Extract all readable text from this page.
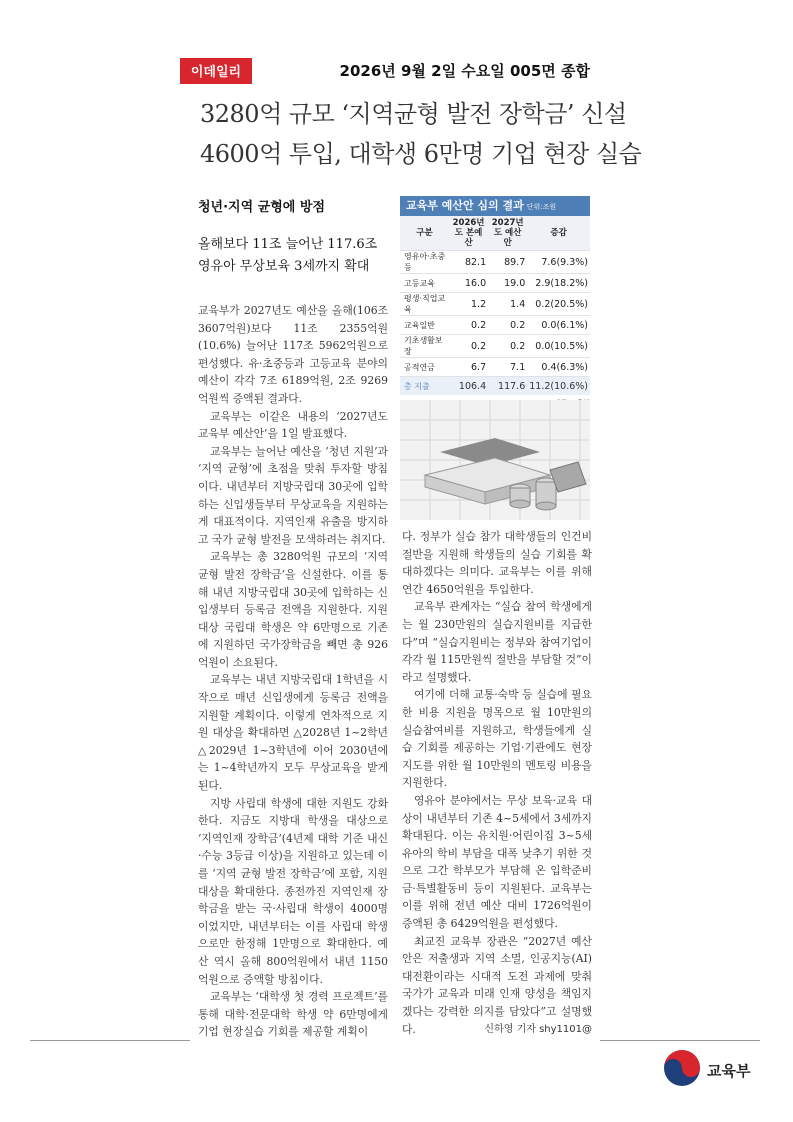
이데일리	2026년 9월 2일 수요일 005면 종합
3280억 규모 ‘지역균형 발전 장학금’ 신설
4600억 투입, 대학생 6만명 기업 현장 실습
청년·지역 균형에 방점
올해보다 11조 늘어난 117.6조
영유아 무상보육 3세까지 확대

교육부가 2027년도 예산을 올해(106조 3607억원)보다 11조 2355억원(10.6%) 늘어난 117조 5962억원으로 편성했다. 유·초중등과 고등교육 분야의 예산이 각각 7조 6189억원, 2조 9269억원씩 증액된 결과다.

교육부는 이같은 내용의 ‘2027년도 교육부 예산안’을 1일 발표했다.

교육부는 늘어난 예산을 ‘청년 지원’과 ‘지역 균형’에 초점을 맞춰 투자할 방침이다. 내년부터 지방국립대 30곳에 입학하는 신입생들부터 무상교육을 지원하는 게 대표적이다. 지역인재 유출을 방지하고 국가 균형 발전을 모색하려는 취지다.

교육부는 총 3280억원 규모의 ‘지역균형 발전 장학금’을 신설한다. 이를 통해 내년 지방국립대 30곳에 입학하는 신입생부터 등록금 전액을 지원한다. 지원 대상 국립대 학생은 약 6만명으로 기존에 지원하던 국가장학금을 빼면 총 926억원이 소요된다.

교육부는 내년 지방국립대 1학년을 시작으로 매년 신입생에게 등록금 전액을 지원할 계획이다. 이렇게 연차적으로 지원 대상을 확대하면 △2028년 1~2학년 △2029년 1~3학년에 이어 2030년에는 1~4학년까지 모두 무상교육을 받게 된다.

지방 사립대 학생에 대한 지원도 강화한다. 지금도 지방대 학생을 대상으로 ‘지역인재 장학금’(4년제 대학 기준 내신·수능 3등급 이상)을 지원하고 있는데 이를 ‘지역 균형 발전 장학금’에 포함, 지원 대상을 확대한다. 종전까진 지역인재 장학금을 받는 국·사립대 학생이 4000명이었지만, 내년부터는 이를 사립대 학생으로만 한정해 1만명으로 확대한다. 예산 역시 올해 800억원에서 내년 1150억원으로 증액할 방침이다.

교육부는 ‘대학생 첫 경력 프로젝트’를 통해 대학·전문대학 학생 약 6만명에게 기업 현장실습 기회를 제공할 계획이

다. 정부가 실습 참가 대학생들의 인건비 절반을 지원해 학생들의 실습 기회를 확대하겠다는 의미다. 교육부는 이를 위해 연간 4650억원을 투입한다.

교육부 관계자는 “실습 참여 학생에게는 월 230만원의 실습지원비를 지급한다”며 “실습지원비는 정부와 참여기업이 각각 월 115만원씩 절반을 부담할 것”이라고 설명했다.

여기에 더해 교통·숙박 등 실습에 필요한 비용 지원을 명목으로 월 10만원의 실습참여비를 지원하고, 학생들에게 실습 기회를 제공하는 기업·기관에도 현장 지도를 위한 월 10만원의 멘토링 비용을 지원한다.

영유아 분야에서는 무상 보육·교육 대상이 내년부터 기존 4~5세에서 3세까지 확대된다. 이는 유치원·어린이집 3~5세 유아의 학비 부담을 대폭 낮추기 위한 것으로 그간 학부모가 부담해 온 입학준비금·특별활동비 등이 지원된다. 교육부는 이를 위해 전년 예산 대비 1726억원이 증액된 총 6429억원을 편성했다.

최교진 교육부 장관은 “2027년 예산안은 저출생과 지역 소멸, 인공지능(AI) 대전환이라는 시대적 도전 과제에 맞춰 국가가 교육과 미래 인재 양성을 책임지겠다는 강력한 의지를 담았다”고 설명했다.	신하영 기자 shy1101@

교육부 예산안 심의 결과 단위:조원
구분	2026년도 본예산	2027년도 예산안	증감
영유아·초중등	82.1	89.7	7.6(9.3%)
고등교육	16.0	19.0	2.9(18.2%)
평생·직업교육	1.2	1.4	0.2(20.5%)
교육일반	0.2	0.2	0.0(6.1%)
기초생활보장	0.2	0.2	0.0(10.5%)
공적연금	6.7	7.1	0.4(6.3%)
총 지출	106.4	117.6	11.2(10.6%)
교육부
